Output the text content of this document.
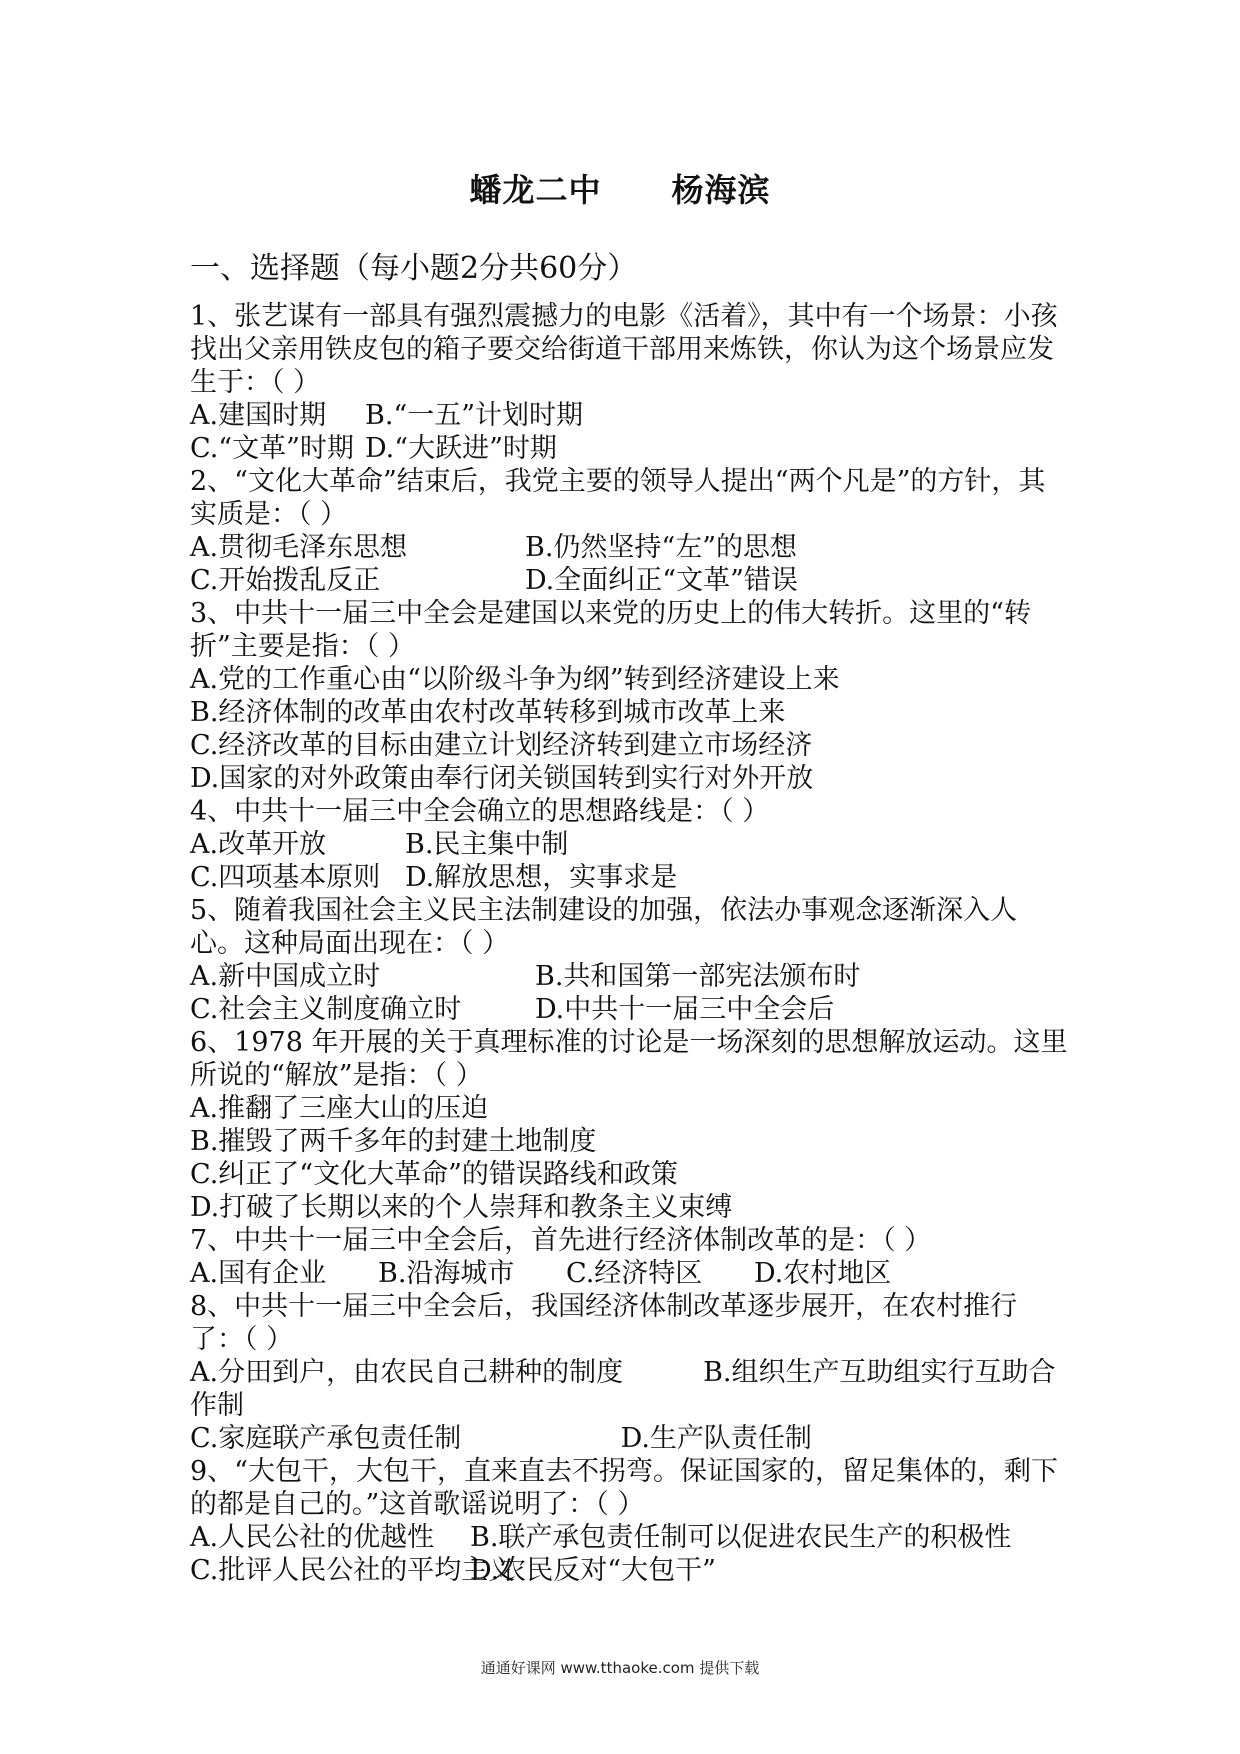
蟠龙二中 杨海滨
一、选择题（每小题2分共60分）

1、张艺谋有一部具有强烈震撼力的电影《活着》，其中有一个场景：小孩找出父亲用铁皮包的箱子要交给街道干部用来炼铁，你认为这个场景应发生于：（ ）

A.建国时期	B.“一五”计划时期
C.“文革”时期 D.“大跃进”时期

2、“文化大革命”结束后，我党主要的领导人提出“两个凡是”的方针，其实质是：（ ）

A.贯彻毛泽东思想	B.仍然坚持“左”的思想
C.开始拨乱反正	D.全面纠正“文革”错误

3、中共十一届三中全会是建国以来党的历史上的伟大转折。这里的“转折”主要是指：（ ）

A.党的工作重心由“以阶级斗争为纲”转到经济建设上来
B.经济体制的改革由农村改革转移到城市改革上来
C.经济改革的目标由建立计划经济转到建立市场经济
D.国家的对外政策由奉行闭关锁国转到实行对外开放

4、中共十一届三中全会确立的思想路线是：（ ）

A.改革开放	B.民主集中制
C.四项基本原则 D.解放思想，实事求是

5、随着我国社会主义民主法制建设的加强，依法办事观念逐渐深入人心。这种局面出现在：（ ）

A.新中国成立时	B.共和国第一部宪法颁布时
C.社会主义制度确立时	D.中共十一届三中全会后

6、1978 年开展的关于真理标准的讨论是一场深刻的思想解放运动。这里所说的“解放”是指：（ ）

A.推翻了三座大山的压迫
B.摧毁了两千多年的封建土地制度
C.纠正了“文化大革命”的错误路线和政策
D.打破了长期以来的个人崇拜和教条主义束缚

7、中共十一届三中全会后，首先进行经济体制改革的是：（ ）

A.国有企业	B.沿海城市	C.经济特区	D.农村地区

8、中共十一届三中全会后，我国经济体制改革逐步展开，在农村推行了：（ ）

A.分田到户，由农民自己耕种的制度	B.组织生产互助组实行互助合作制

C.家庭联产承包责任制	D.生产队责任制

9、“大包干，大包干，直来直去不拐弯。保证国家的，留足集体的，剩下的都是自己的。”这首歌谣说明了：（ ）

A.人民公社的优越性	B.联产承包责任制可以促进农民生产的积极性
C.批评人民公社的平均主义
D.农民反对“大包干”
通通好课网 www.tthaoke.com 提供下载
